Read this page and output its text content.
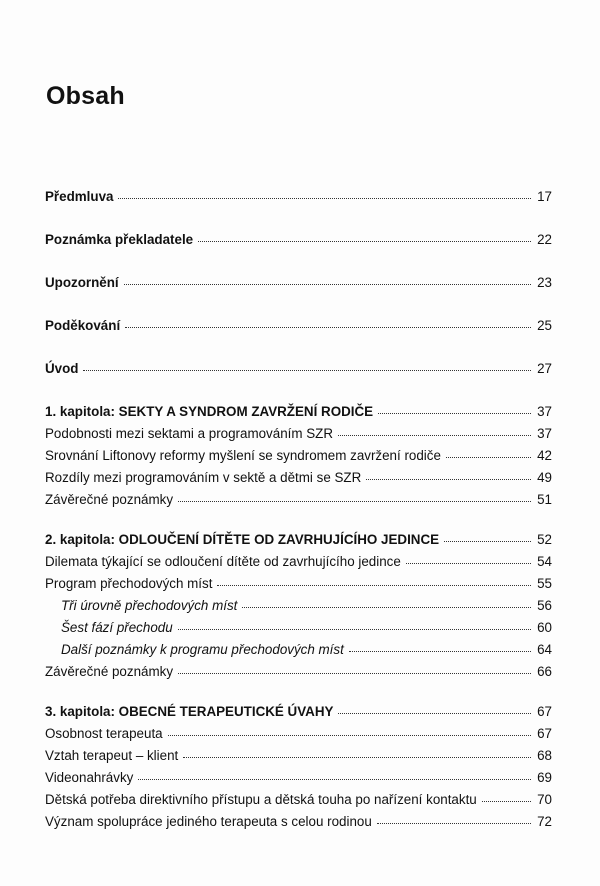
Obsah
Předmluva	17
Poznámka překladatele	22
Upozornění	23
Poděkování	25
Úvod	27
1. kapitola: SEKTY A SYNDROM ZAVRŽENÍ RODIČE	37
Podobnosti mezi sektami a programováním SZR	37
Srovnání Liftonovy reformy myšlení se syndromem zavržení rodiče	42
Rozdíly mezi programováním v sektě a dětmi se SZR	49
Závěrečné poznámky	51
2. kapitola: ODLOUČENÍ DÍTĚTE OD ZAVRHUJÍCÍHO JEDINCE	52
Dilemata týkající se odloučení dítěte od zavrhujícího jedince	54
Program přechodových míst	55
Tři úrovně přechodových míst	56
Šest fází přechodu	60
Další poznámky k programu přechodových míst	64
Závěrečné poznámky	66
3. kapitola: OBECNÉ TERAPEUTICKÉ ÚVAHY	67
Osobnost terapeuta	67
Vztah terapeut – klient	68
Videonahrávky	69
Dětská potřeba direktivního přístupu a dětská touha po nařízení kontaktu	70
Význam spolupráce jediného terapeuta s celou rodinou	72
